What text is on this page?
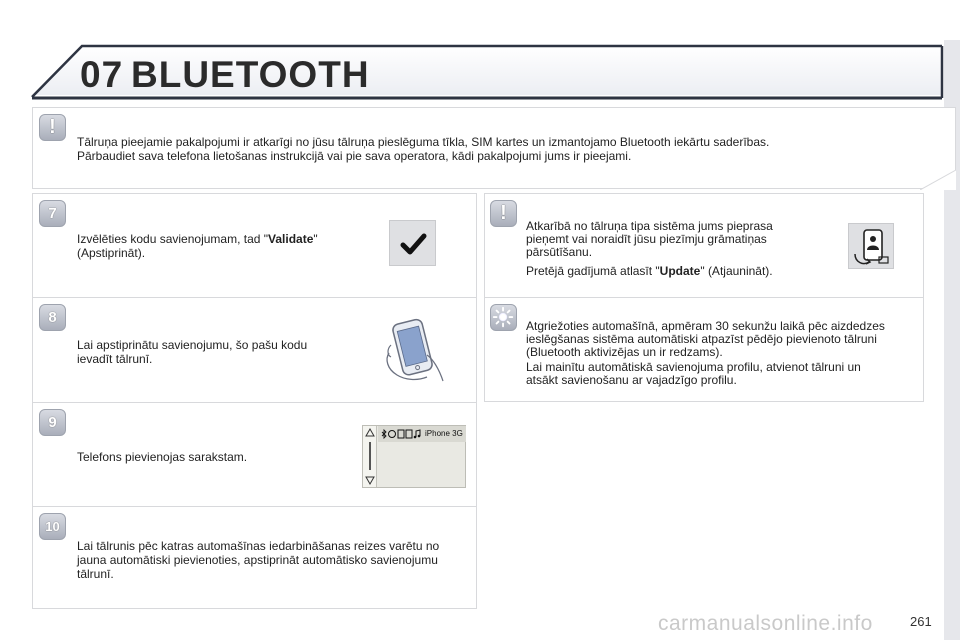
07 BLUETOOTH
!
Tālruņa pieejamie pakalpojumi ir atkarīgi no jūsu tālruņa pieslēguma tīkla, SIM kartes un izmantojamo Bluetooth iekārtu saderības.
Pārbaudiet sava telefona lietošanas instrukcijā vai pie sava operatora, kādi pakalpojumi jums ir pieejami.
7
Izvēlēties kodu savienojumam, tad "Validate"
(Apstiprināt).
8
Lai apstiprinātu savienojumu, šo pašu kodu
ievadīt tālrunī.
9
Telefons pievienojas sarakstam.
iPhone 3G
10
Lai tālrunis pēc katras automašīnas iedarbināšanas reizes varētu no
jauna automātiski pievienoties, apstiprināt automātisko savienojumu
tālrunī.
!
Atkarībā no tālruņa tipa sistēma jums pieprasa
pieņemt vai noraidīt jūsu piezīmju grāmatiņas
pārsūtīšanu.
Pretējā gadījumā atlasīt "Update" (Atjaunināt).
Atgriežoties automašīnā, apmēram 30 sekunžu laikā pēc aizdedzes
ieslēgšanas sistēma automātiski atpazīst pēdējo pievienoto tālruni
(Bluetooth aktivizējas un ir redzams).
Lai mainītu automātiskā savienojuma profilu, atvienot tālruni un
atsākt savienošanu ar vajadzīgo profilu.
carmanualsonline.info	261
